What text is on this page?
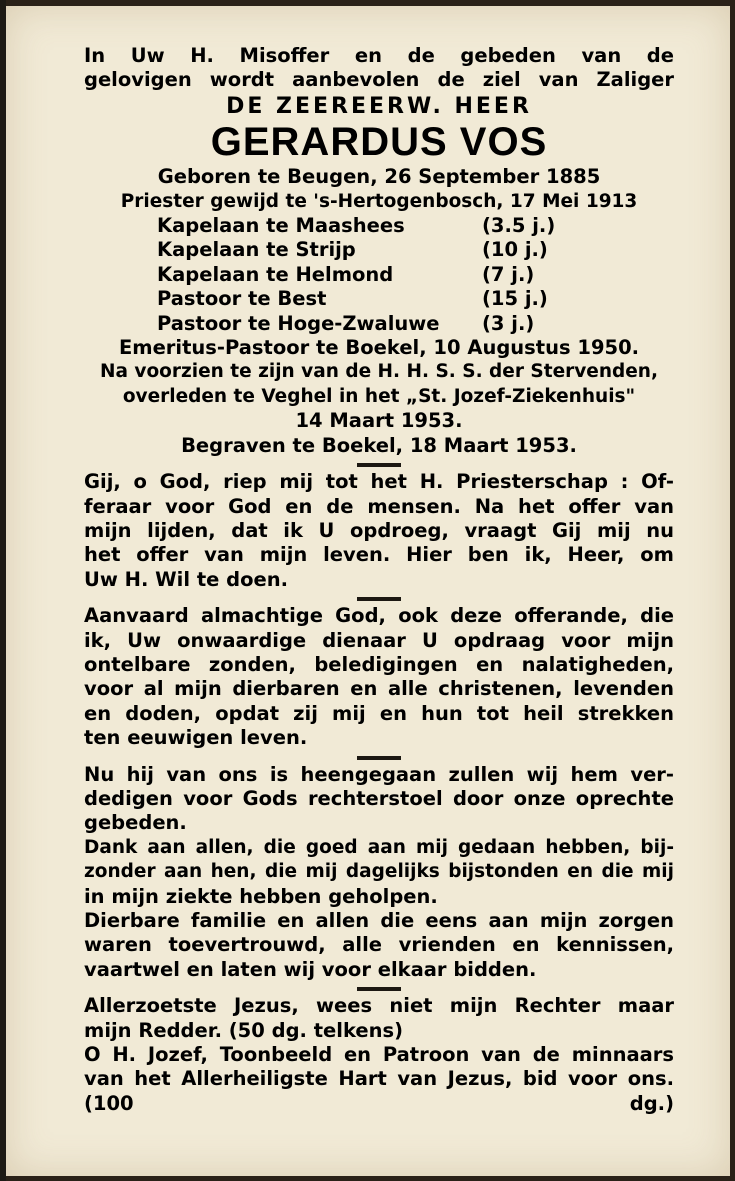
In Uw H. Misoffer en de gebeden van de
gelovigen wordt aanbevolen de ziel van Zaliger
DE ZEEREERW. HEER
GERARDUS VOS
Geboren te Beugen, 26 September 1885
Priester gewijd te 's-Hertogenbosch, 17 Mei 1913
Kapelaan te Maashees	(3.5 j.)
Kapelaan te Strijp	(10 j.)
Kapelaan te Helmond	(7 j.)
Pastoor te Best	(15 j.)
Pastoor te Hoge-Zwaluwe	(3 j.)
Emeritus-Pastoor te Boekel, 10 Augustus 1950.
Na voorzien te zijn van de H. H. S. S. der Stervenden,
overleden te Veghel in het „St. Jozef-Ziekenhuis"
14 Maart 1953.
Begraven te Boekel, 18 Maart 1953.
Gij, o God, riep mij tot het H. Priesterschap : Of-
feraar voor God en de mensen. Na het offer van
mijn lijden, dat ik U opdroeg, vraagt Gij mij nu
het offer van mijn leven. Hier ben ik, Heer, om
Uw H. Wil te doen.
Aanvaard almachtige God, ook deze offerande, die
ik, Uw onwaardige dienaar U opdraag voor mijn
ontelbare zonden, beledigingen en nalatigheden,
voor al mijn dierbaren en alle christenen, levenden
en doden, opdat zij mij en hun tot heil strekken
ten eeuwigen leven.
Nu hij van ons is heengegaan zullen wij hem ver-
dedigen voor Gods rechterstoel door onze oprechte
gebeden.
Dank aan allen, die goed aan mij gedaan hebben, bij-
zonder aan hen, die mij dagelijks bijstonden en die mij
in mijn ziekte hebben geholpen.
Dierbare familie en allen die eens aan mijn zorgen
waren toevertrouwd, alle vrienden en kennissen,
vaartwel en laten wij voor elkaar bidden.
Allerzoetste Jezus, wees niet mijn Rechter maar
mijn Redder. (50 dg. telkens)
O H. Jozef, Toonbeeld en Patroon van de minnaars
van het Allerheiligste Hart van Jezus, bid voor ons.
(100 dg.)
